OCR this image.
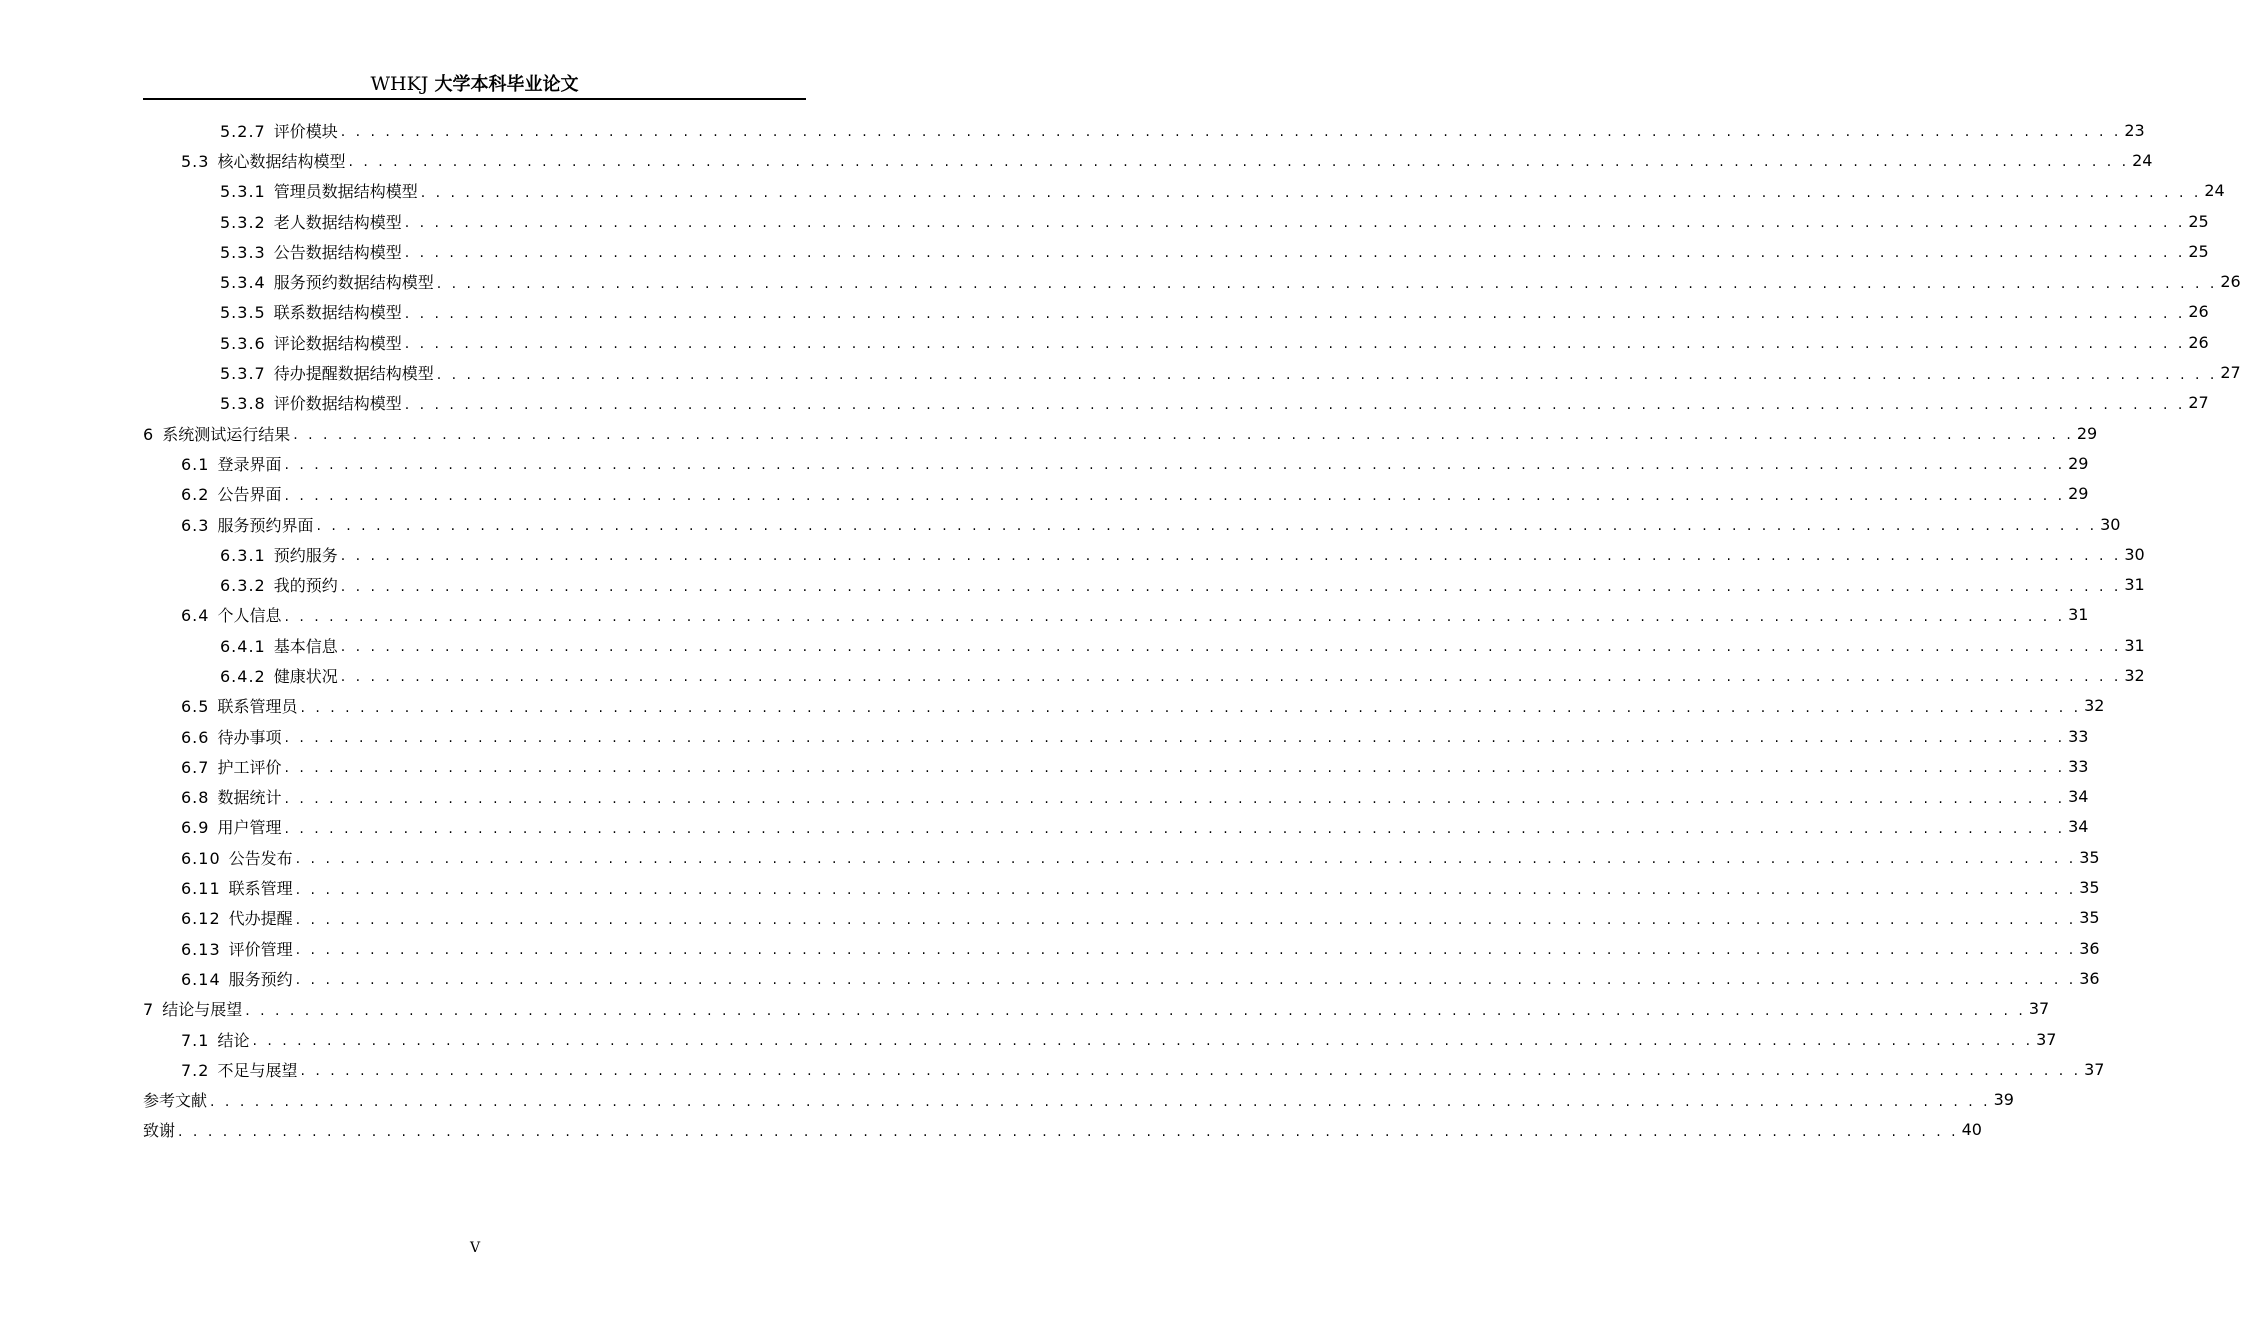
WHKJ 大学本科毕业论文
5.2.7 评价模块 . . . . . . . . . . . . . . . . . . . . . . . . . . . . . . . . . . . . . . . . . . . . . . . . . . . . . . . . . . . . . . . . . . . . . . . . . . . . . . . . . . . . . . . . . . . . . . . . . . . . . . . . . . . . . . . . . . . . . . . . 23
5.3 核心数据结构模型 . . . . . . . . . . . . . . . . . . . . . . . . . . . . . . . . . . . . . . . . . . . . . . . . . . . . . . . . . . . . . . . . . . . . . . . . . . . . . . . . . . . . . . . . . . . . . . . . . . . . . . . . . . . . . . . . . . . . . . . . 24
5.3.1 管理员数据结构模型 . . . . . . . . . . . . . . . . . . . . . . . . . . . . . . . . . . . . . . . . . . . . . . . . . . . . . . . . . . . . . . . . . . . . . . . . . . . . . . . . . . . . . . . . . . . . . . . . . . . . . . . . . . . . . . . . . . . . . . . . 24
5.3.2 老人数据结构模型 . . . . . . . . . . . . . . . . . . . . . . . . . . . . . . . . . . . . . . . . . . . . . . . . . . . . . . . . . . . . . . . . . . . . . . . . . . . . . . . . . . . . . . . . . . . . . . . . . . . . . . . . . . . . . . . . . . . . . . . . 25
5.3.3 公告数据结构模型 . . . . . . . . . . . . . . . . . . . . . . . . . . . . . . . . . . . . . . . . . . . . . . . . . . . . . . . . . . . . . . . . . . . . . . . . . . . . . . . . . . . . . . . . . . . . . . . . . . . . . . . . . . . . . . . . . . . . . . . . 25
5.3.4 服务预约数据结构模型 . . . . . . . . . . . . . . . . . . . . . . . . . . . . . . . . . . . . . . . . . . . . . . . . . . . . . . . . . . . . . . . . . . . . . . . . . . . . . . . . . . . . . . . . . . . . . . . . . . . . . . . . . . . . . . . . . . . . . . . . 26
5.3.5 联系数据结构模型 . . . . . . . . . . . . . . . . . . . . . . . . . . . . . . . . . . . . . . . . . . . . . . . . . . . . . . . . . . . . . . . . . . . . . . . . . . . . . . . . . . . . . . . . . . . . . . . . . . . . . . . . . . . . . . . . . . . . . . . . 26
5.3.6 评论数据结构模型 . . . . . . . . . . . . . . . . . . . . . . . . . . . . . . . . . . . . . . . . . . . . . . . . . . . . . . . . . . . . . . . . . . . . . . . . . . . . . . . . . . . . . . . . . . . . . . . . . . . . . . . . . . . . . . . . . . . . . . . . 26
5.3.7 待办提醒数据结构模型 . . . . . . . . . . . . . . . . . . . . . . . . . . . . . . . . . . . . . . . . . . . . . . . . . . . . . . . . . . . . . . . . . . . . . . . . . . . . . . . . . . . . . . . . . . . . . . . . . . . . . . . . . . . . . . . . . . . . . . . . 27
5.3.8 评价数据结构模型 . . . . . . . . . . . . . . . . . . . . . . . . . . . . . . . . . . . . . . . . . . . . . . . . . . . . . . . . . . . . . . . . . . . . . . . . . . . . . . . . . . . . . . . . . . . . . . . . . . . . . . . . . . . . . . . . . . . . . . . . 27
6 系统测试运行结果 . . . . . . . . . . . . . . . . . . . . . . . . . . . . . . . . . . . . . . . . . . . . . . . . . . . . . . . . . . . . . . . . . . . . . . . . . . . . . . . . . . . . . . . . . . . . . . . . . . . . . . . . . . . . . . . . . . . . . . . . 29
6.1 登录界面 . . . . . . . . . . . . . . . . . . . . . . . . . . . . . . . . . . . . . . . . . . . . . . . . . . . . . . . . . . . . . . . . . . . . . . . . . . . . . . . . . . . . . . . . . . . . . . . . . . . . . . . . . . . . . . . . . . . . . . . . 29
6.2 公告界面 . . . . . . . . . . . . . . . . . . . . . . . . . . . . . . . . . . . . . . . . . . . . . . . . . . . . . . . . . . . . . . . . . . . . . . . . . . . . . . . . . . . . . . . . . . . . . . . . . . . . . . . . . . . . . . . . . . . . . . . . 29
6.3 服务预约界面 . . . . . . . . . . . . . . . . . . . . . . . . . . . . . . . . . . . . . . . . . . . . . . . . . . . . . . . . . . . . . . . . . . . . . . . . . . . . . . . . . . . . . . . . . . . . . . . . . . . . . . . . . . . . . . . . . . . . . . . . 30
6.3.1 预约服务 . . . . . . . . . . . . . . . . . . . . . . . . . . . . . . . . . . . . . . . . . . . . . . . . . . . . . . . . . . . . . . . . . . . . . . . . . . . . . . . . . . . . . . . . . . . . . . . . . . . . . . . . . . . . . . . . . . . . . . . . 30
6.3.2 我的预约 . . . . . . . . . . . . . . . . . . . . . . . . . . . . . . . . . . . . . . . . . . . . . . . . . . . . . . . . . . . . . . . . . . . . . . . . . . . . . . . . . . . . . . . . . . . . . . . . . . . . . . . . . . . . . . . . . . . . . . . . 31
6.4 个人信息 . . . . . . . . . . . . . . . . . . . . . . . . . . . . . . . . . . . . . . . . . . . . . . . . . . . . . . . . . . . . . . . . . . . . . . . . . . . . . . . . . . . . . . . . . . . . . . . . . . . . . . . . . . . . . . . . . . . . . . . . 31
6.4.1 基本信息 . . . . . . . . . . . . . . . . . . . . . . . . . . . . . . . . . . . . . . . . . . . . . . . . . . . . . . . . . . . . . . . . . . . . . . . . . . . . . . . . . . . . . . . . . . . . . . . . . . . . . . . . . . . . . . . . . . . . . . . . 31
6.4.2 健康状况 . . . . . . . . . . . . . . . . . . . . . . . . . . . . . . . . . . . . . . . . . . . . . . . . . . . . . . . . . . . . . . . . . . . . . . . . . . . . . . . . . . . . . . . . . . . . . . . . . . . . . . . . . . . . . . . . . . . . . . . . 32
6.5 联系管理员 . . . . . . . . . . . . . . . . . . . . . . . . . . . . . . . . . . . . . . . . . . . . . . . . . . . . . . . . . . . . . . . . . . . . . . . . . . . . . . . . . . . . . . . . . . . . . . . . . . . . . . . . . . . . . . . . . . . . . . . . 32
6.6 待办事项 . . . . . . . . . . . . . . . . . . . . . . . . . . . . . . . . . . . . . . . . . . . . . . . . . . . . . . . . . . . . . . . . . . . . . . . . . . . . . . . . . . . . . . . . . . . . . . . . . . . . . . . . . . . . . . . . . . . . . . . . 33
6.7 护工评价 . . . . . . . . . . . . . . . . . . . . . . . . . . . . . . . . . . . . . . . . . . . . . . . . . . . . . . . . . . . . . . . . . . . . . . . . . . . . . . . . . . . . . . . . . . . . . . . . . . . . . . . . . . . . . . . . . . . . . . . . 33
6.8 数据统计 . . . . . . . . . . . . . . . . . . . . . . . . . . . . . . . . . . . . . . . . . . . . . . . . . . . . . . . . . . . . . . . . . . . . . . . . . . . . . . . . . . . . . . . . . . . . . . . . . . . . . . . . . . . . . . . . . . . . . . . . 34
6.9 用户管理 . . . . . . . . . . . . . . . . . . . . . . . . . . . . . . . . . . . . . . . . . . . . . . . . . . . . . . . . . . . . . . . . . . . . . . . . . . . . . . . . . . . . . . . . . . . . . . . . . . . . . . . . . . . . . . . . . . . . . . . . 34
6.10 公告发布 . . . . . . . . . . . . . . . . . . . . . . . . . . . . . . . . . . . . . . . . . . . . . . . . . . . . . . . . . . . . . . . . . . . . . . . . . . . . . . . . . . . . . . . . . . . . . . . . . . . . . . . . . . . . . . . . . . . . . . . . 35
6.11 联系管理 . . . . . . . . . . . . . . . . . . . . . . . . . . . . . . . . . . . . . . . . . . . . . . . . . . . . . . . . . . . . . . . . . . . . . . . . . . . . . . . . . . . . . . . . . . . . . . . . . . . . . . . . . . . . . . . . . . . . . . . . 35
6.12 代办提醒 . . . . . . . . . . . . . . . . . . . . . . . . . . . . . . . . . . . . . . . . . . . . . . . . . . . . . . . . . . . . . . . . . . . . . . . . . . . . . . . . . . . . . . . . . . . . . . . . . . . . . . . . . . . . . . . . . . . . . . . . 35
6.13 评价管理 . . . . . . . . . . . . . . . . . . . . . . . . . . . . . . . . . . . . . . . . . . . . . . . . . . . . . . . . . . . . . . . . . . . . . . . . . . . . . . . . . . . . . . . . . . . . . . . . . . . . . . . . . . . . . . . . . . . . . . . . 36
6.14 服务预约 . . . . . . . . . . . . . . . . . . . . . . . . . . . . . . . . . . . . . . . . . . . . . . . . . . . . . . . . . . . . . . . . . . . . . . . . . . . . . . . . . . . . . . . . . . . . . . . . . . . . . . . . . . . . . . . . . . . . . . . . 36
7 结论与展望 . . . . . . . . . . . . . . . . . . . . . . . . . . . . . . . . . . . . . . . . . . . . . . . . . . . . . . . . . . . . . . . . . . . . . . . . . . . . . . . . . . . . . . . . . . . . . . . . . . . . . . . . . . . . . . . . . . . . . . . . 37
7.1 结论 . . . . . . . . . . . . . . . . . . . . . . . . . . . . . . . . . . . . . . . . . . . . . . . . . . . . . . . . . . . . . . . . . . . . . . . . . . . . . . . . . . . . . . . . . . . . . . . . . . . . . . . . . . . . . . . . . . . . . . . . 37
7.2 不足与展望 . . . . . . . . . . . . . . . . . . . . . . . . . . . . . . . . . . . . . . . . . . . . . . . . . . . . . . . . . . . . . . . . . . . . . . . . . . . . . . . . . . . . . . . . . . . . . . . . . . . . . . . . . . . . . . . . . . . . . . . . 37
参考文献 . . . . . . . . . . . . . . . . . . . . . . . . . . . . . . . . . . . . . . . . . . . . . . . . . . . . . . . . . . . . . . . . . . . . . . . . . . . . . . . . . . . . . . . . . . . . . . . . . . . . . . . . . . . . . . . . . . . . . . . . 39
致谢 . . . . . . . . . . . . . . . . . . . . . . . . . . . . . . . . . . . . . . . . . . . . . . . . . . . . . . . . . . . . . . . . . . . . . . . . . . . . . . . . . . . . . . . . . . . . . . . . . . . . . . . . . . . . . . . . . . . . . . . . 40
V
